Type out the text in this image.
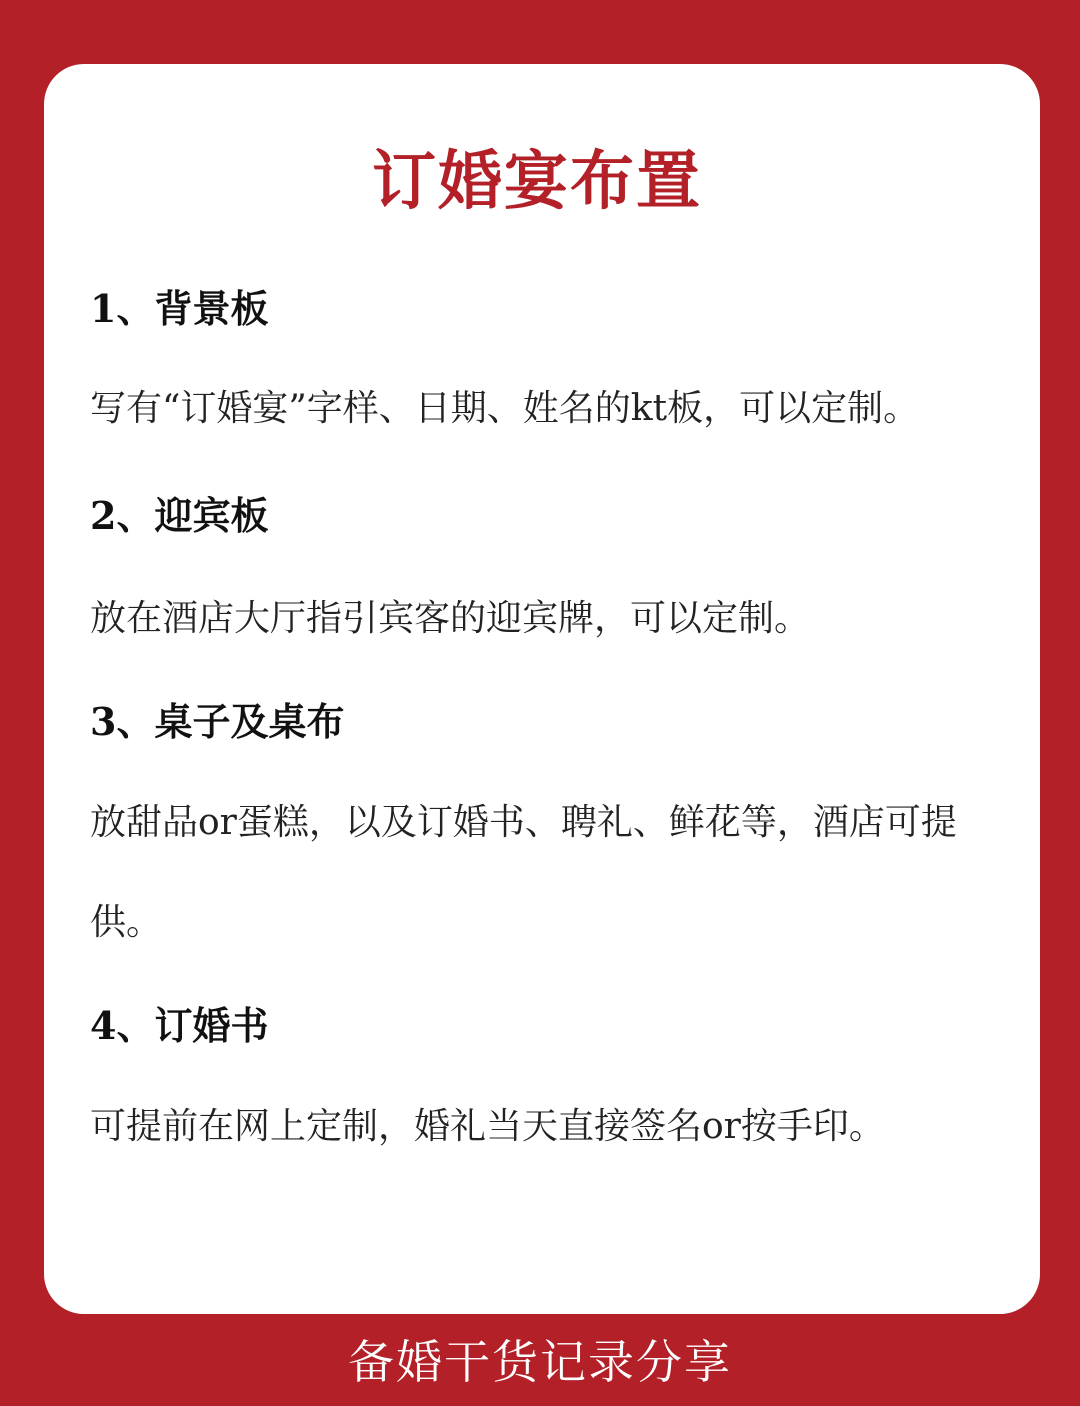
订婚宴布置
1、背景板

写有“订婚宴”字样、日期、姓名的kt板，可以定制。

2、迎宾板

放在酒店大厅指引宾客的迎宾牌，可以定制。

3、桌子及桌布

放甜品or蛋糕，以及订婚书、聘礼、鲜花等，酒店可提供。

4、订婚书

可提前在网上定制，婚礼当天直接签名or按手印。

备婚干货记录分享
